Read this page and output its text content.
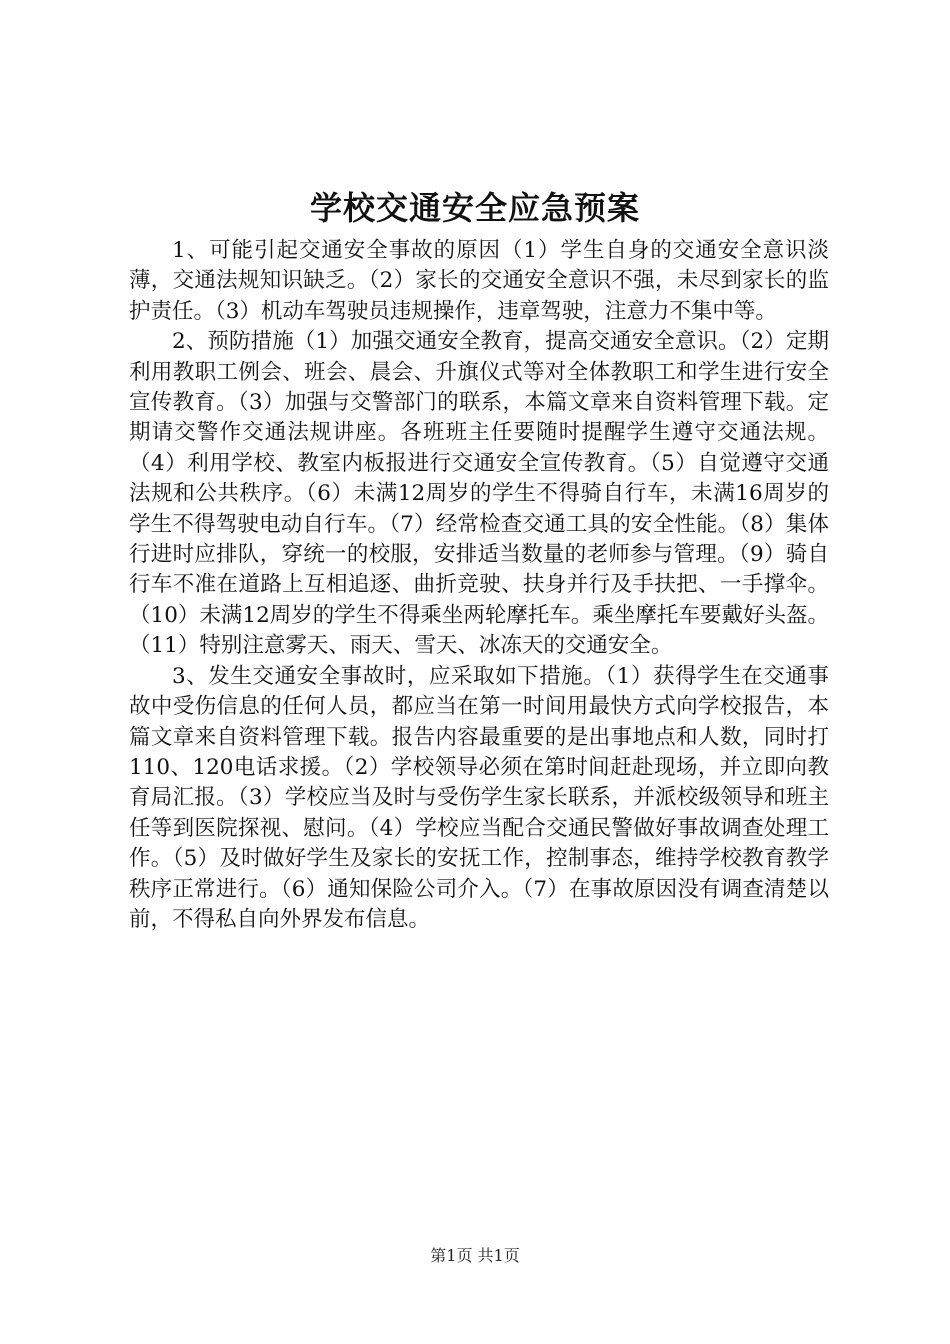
学校交通安全应急预案

1、可能引起交通安全事故的原因（1）学生自身的交通安全意识淡薄，交通法规知识缺乏。（2）家长的交通安全意识不强，未尽到家长的监护责任。（3）机动车驾驶员违规操作，违章驾驶，注意力不集中等。

2、预防措施（1）加强交通安全教育，提高交通安全意识。（2）定期利用教职工例会、班会、晨会、升旗仪式等对全体教职工和学生进行安全宣传教育。（3）加强与交警部门的联系，本篇文章来自资料管理下载。定期请交警作交通法规讲座。各班班主任要随时提醒学生遵守交通法规。（4）利用学校、教室内板报进行交通安全宣传教育。（5）自觉遵守交通法规和公共秩序。（6）未满12周岁的学生不得骑自行车，未满16周岁的学生不得驾驶电动自行车。（7）经常检查交通工具的安全性能。（8）集体行进时应排队，穿统一的校服，安排适当数量的老师参与管理。（9）骑自行车不准在道路上互相追逐、曲折竞驶、扶身并行及手扶把、一手撑伞。（10）未满12周岁的学生不得乘坐两轮摩托车。乘坐摩托车要戴好头盔。（11）特别注意雾天、雨天、雪天、冰冻天的交通安全。

3、发生交通安全事故时，应采取如下措施。（1）获得学生在交通事故中受伤信息的任何人员，都应当在第一时间用最快方式向学校报告，本篇文章来自资料管理下载。报告内容最重要的是出事地点和人数，同时打110、120电话求援。（2）学校领导必须在第时间赶赴现场，并立即向教育局汇报。（3）学校应当及时与受伤学生家长联系，并派校级领导和班主任等到医院探视、慰问。（4）学校应当配合交通民警做好事故调查处理工作。（5）及时做好学生及家长的安抚工作，控制事态，维持学校教育教学秩序正常进行。（6）通知保险公司介入。（7）在事故原因没有调查清楚以前，不得私自向外界发布信息。

第1页 共1页
